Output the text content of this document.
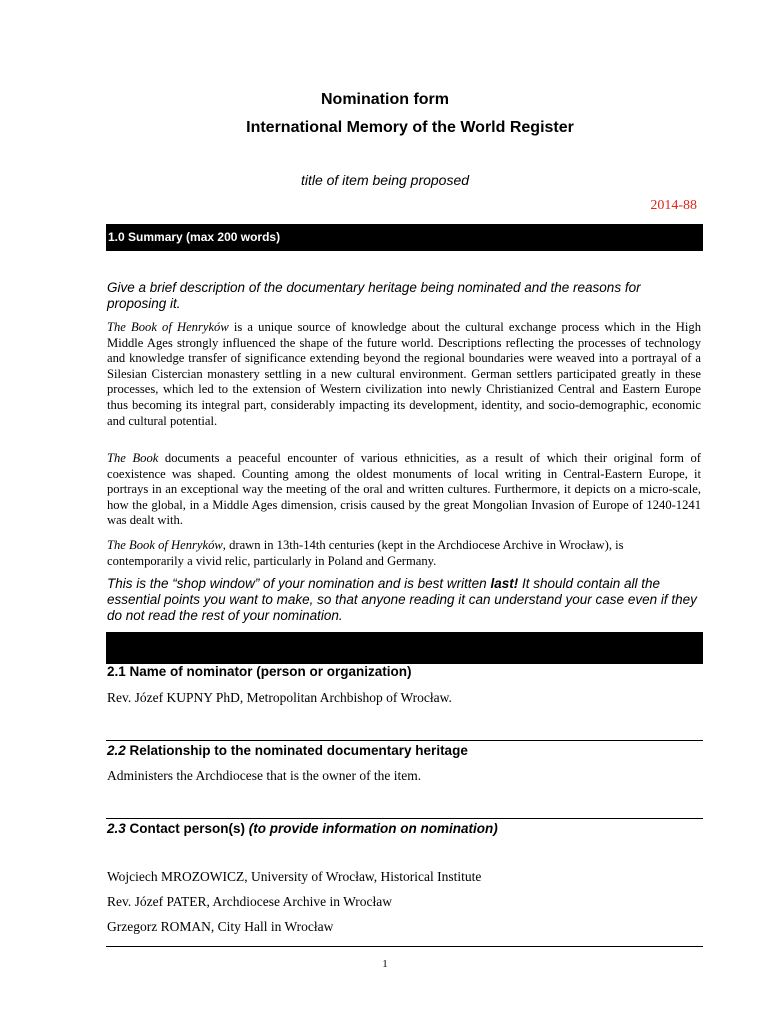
Nomination form
International Memory of the World Register
title of item being proposed
2014-88
1.0 Summary (max 200 words)
Give a brief description of the documentary heritage being nominated and the reasons for proposing it.

The Book of Henryków is a unique source of knowledge about the cultural exchange process which in the High Middle Ages strongly influenced the shape of the future world. Descriptions reflecting the processes of technology and knowledge transfer of significance extending beyond the regional boundaries were weaved into a portrayal of a Silesian Cistercian monastery settling in a new cultural environment. German settlers participated greatly in these processes, which led to the extension of Western civilization into newly Christianized Central and Eastern Europe thus becoming its integral part, considerably impacting its development, identity, and socio-demographic, economic and cultural potential.

The Book documents a peaceful encounter of various ethnicities, as a result of which their original form of coexistence was shaped. Counting among the oldest monuments of local writing in Central-Eastern Europe, it portrays in an exceptional way the meeting of the oral and written cultures. Furthermore, it depicts on a micro-scale, how the global, in a Middle Ages dimension, crisis caused by the great Mongolian Invasion of Europe of 1240-1241 was dealt with.

The Book of Henryków, drawn in 13th-14th centuries (kept in the Archdiocese Archive in Wrocław), is contemporarily a vivid relic, particularly in Poland and Germany.

This is the “shop window” of your nomination and is best written last! It should contain all the essential points you want to make, so that anyone reading it can understand your case even if they do not read the rest of your nomination.
2.1 Name of nominator (person or organization)
Rev. Józef KUPNY PhD, Metropolitan Archbishop of Wrocław.
2.2 Relationship to the nominated documentary heritage
Administers the Archdiocese that is the owner of the item.
2.3 Contact person(s) (to provide information on nomination)
Wojciech MROZOWICZ, University of Wrocław, Historical Institute
Rev. Józef PATER, Archdiocese Archive in Wrocław
Grzegorz ROMAN, City Hall in Wrocław
1
